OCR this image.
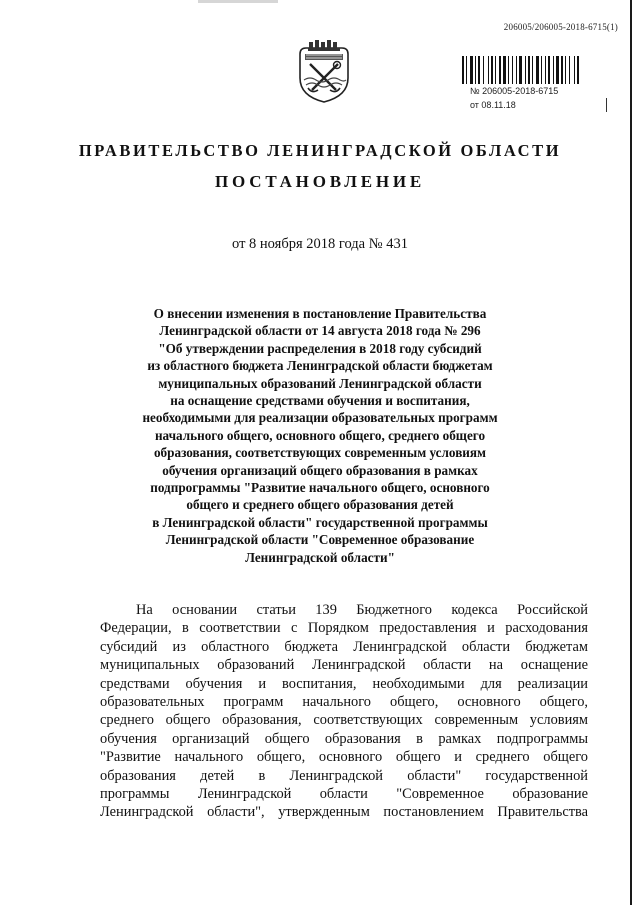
206005/206005-2018-6715(1)
№ 206005-2018-6715
от 08.11.18
ПРАВИТЕЛЬСТВО ЛЕНИНГРАДСКОЙ ОБЛАСТИ
ПОСТАНОВЛЕНИЕ
от 8 ноября 2018 года № 431
О внесении изменения в постановление Правительства
Ленинградской области от 14 августа 2018 года № 296
"Об утверждении распределения в 2018 году субсидий
из областного бюджета Ленинградской области бюджетам
муниципальных образований Ленинградской области
на оснащение средствами обучения и воспитания,
необходимыми для реализации образовательных программ
начального общего, основного общего, среднего общего
образования, соответствующих современным условиям
обучения организаций общего образования в рамках
подпрограммы "Развитие начального общего, основного
общего и среднего общего образования детей
в Ленинградской области" государственной программы
Ленинградской области "Современное образование
Ленинградской области"
На основании статьи 139 Бюджетного кодекса Российской
Федерации, в соответствии с Порядком предоставления и расходования
субсидий из областного бюджета Ленинградской области бюджетам
муниципальных образований Ленинградской области на оснащение
средствами обучения и воспитания, необходимыми для реализации
образовательных программ начального общего, основного общего,
среднего общего образования, соответствующих современным условиям
обучения организаций общего образования в рамках подпрограммы
"Развитие начального общего, основного общего и среднего общего
образования детей в Ленинградской области" государственной
программы Ленинградской области "Современное образование
Ленинградской области", утвержденным постановлением Правительства
